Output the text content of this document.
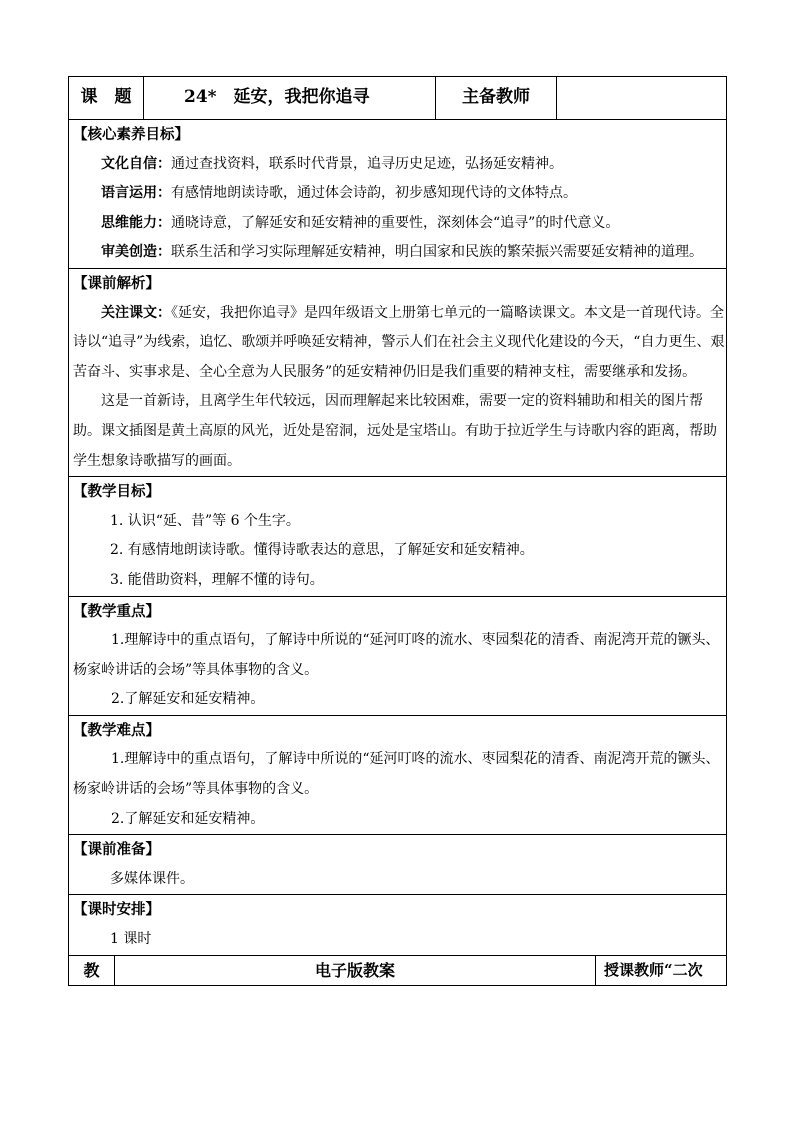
课　题	24*　延安，我把你追寻	主备教师	

【核心素养目标】

文化自信：通过查找资料，联系时代背景，追寻历史足迹，弘扬延安精神。

语言运用：有感情地朗读诗歌，通过体会诗韵，初步感知现代诗的文体特点。

思维能力：通晓诗意，了解延安和延安精神的重要性，深刻体会“追寻”的时代意义。

审美创造：联系生活和学习实际理解延安精神，明白国家和民族的繁荣振兴需要延安精神的道理。

【课前解析】

关注课文：《延安，我把你追寻》是四年级语文上册第七单元的一篇略读课文。本文是一首现代诗。全诗以“追寻”为线索，追忆、歌颂并呼唤延安精神，警示人们在社会主义现代化建设的今天，“自力更生、艰苦奋斗、实事求是、全心全意为人民服务”的延安精神仍旧是我们重要的精神支柱，需要继承和发扬。

这是一首新诗，且离学生年代较远，因而理解起来比较困难，需要一定的资料辅助和相关的图片帮助。课文插图是黄土高原的风光，近处是窑洞，远处是宝塔山。有助于拉近学生与诗歌内容的距离，帮助学生想象诗歌描写的画面。

【教学目标】

1. 认识“延、昔”等 6 个生字。

2. 有感情地朗读诗歌。懂得诗歌表达的意思，了解延安和延安精神。

3. 能借助资料，理解不懂的诗句。

【教学重点】

1.理解诗中的重点语句，了解诗中所说的“延河叮咚的流水、枣园梨花的清香、南泥湾开荒的镢头、杨家岭讲话的会场”等具体事物的含义。

2.了解延安和延安精神。

【教学难点】

1.理解诗中的重点语句，了解诗中所说的“延河叮咚的流水、枣园梨花的清香、南泥湾开荒的镢头、杨家岭讲话的会场”等具体事物的含义。

2.了解延安和延安精神。

【课前准备】

多媒体课件。

【课时安排】

1 课时

教	电子版教案	授课教师“二次
